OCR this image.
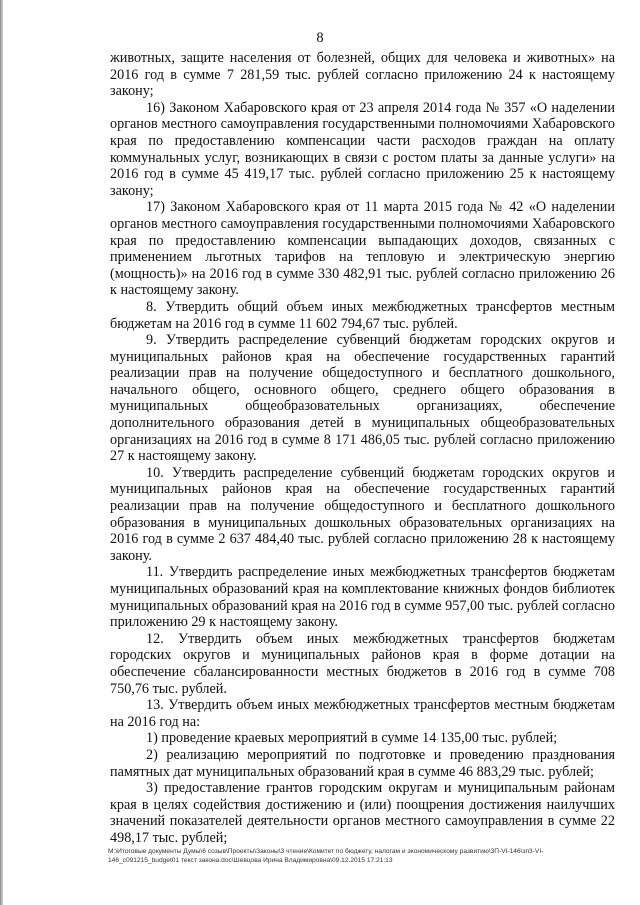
8

животных, защите населения от болезней, общих для человека и животных» на 2016 год в сумме 7 281,59 тыс. рублей согласно приложению 24 к настоящему закону;

16) Законом Хабаровского края от 23 апреля 2014 года № 357 «О наделении органов местного самоуправления государственными полномочиями Хабаровского края по предоставлению компенсации части расходов граждан на оплату коммунальных услуг, возникающих в связи с ростом платы за данные услуги» на 2016 год в сумме 45 419,17 тыс. рублей согласно приложению 25 к настоящему закону;

17) Законом Хабаровского края от 11 марта 2015 года № 42 «О наделении органов местного самоуправления государственными полномочиями Хабаровского края по предоставлению компенсации выпадающих доходов, связанных с применением льготных тарифов на тепловую и электрическую энергию (мощность)» на 2016 год в сумме 330 482,91 тыс. рублей согласно приложению 26 к настоящему закону.

8. Утвердить общий объем иных межбюджетных трансфертов местным бюджетам на 2016 год в сумме 11 602 794,67 тыс. рублей.

9. Утвердить распределение субвенций бюджетам городских округов и муниципальных районов края на обеспечение государственных гарантий реализации прав на получение общедоступного и бесплатного дошкольного, начального общего, основного общего, среднего общего образования в муниципальных общеобразовательных организациях, обеспечение дополнительного образования детей в муниципальных общеобразовательных организациях на 2016 год в сумме 8 171 486,05 тыс. рублей согласно приложению 27 к настоящему закону.

10. Утвердить распределение субвенций бюджетам городских округов и муниципальных районов края на обеспечение государственных гарантий реализации прав на получение общедоступного и бесплатного дошкольного образования в муниципальных дошкольных образовательных организациях на 2016 год в сумме 2 637 484,40 тыс. рублей согласно приложению 28 к настоящему закону.

11. Утвердить распределение иных межбюджетных трансфертов бюджетам муниципальных образований края на комплектование книжных фондов библиотек муниципальных образований края на 2016 год в сумме 957,00 тыс. рублей согласно приложению 29 к настоящему закону.

12. Утвердить объем иных межбюджетных трансфертов бюджетам городских округов и муниципальных районов края в форме дотации на обеспечение сбалансированности местных бюджетов в 2016 год в сумме 708 750,76 тыс. рублей.

13. Утвердить объем иных межбюджетных трансфертов местным бюджетам на 2016 год на:

1) проведение краевых мероприятий в сумме 14 135,00 тыс. рублей;

2) реализацию мероприятий по подготовке и проведению празднования памятных дат муниципальных образований края в сумме 46 883,29 тыс. рублей;

3) предоставление грантов городским округам и муниципальным районам края в целях содействия достижению и (или) поощрения достижения наилучших значений показателей деятельности органов местного самоуправления в сумме 22 498,17 тыс. рублей;

M:\Итоговые документы Думы\6 созыв\Проекты\Законы\3 чтение\Комитет по бюджету, налогам и экономическому развитию\3П-VI-146\зп3-VI-
146_с091215_budget01 текст закона.doc\Шевцова Ирина Владимировна\09.12.2015 17:21:13
